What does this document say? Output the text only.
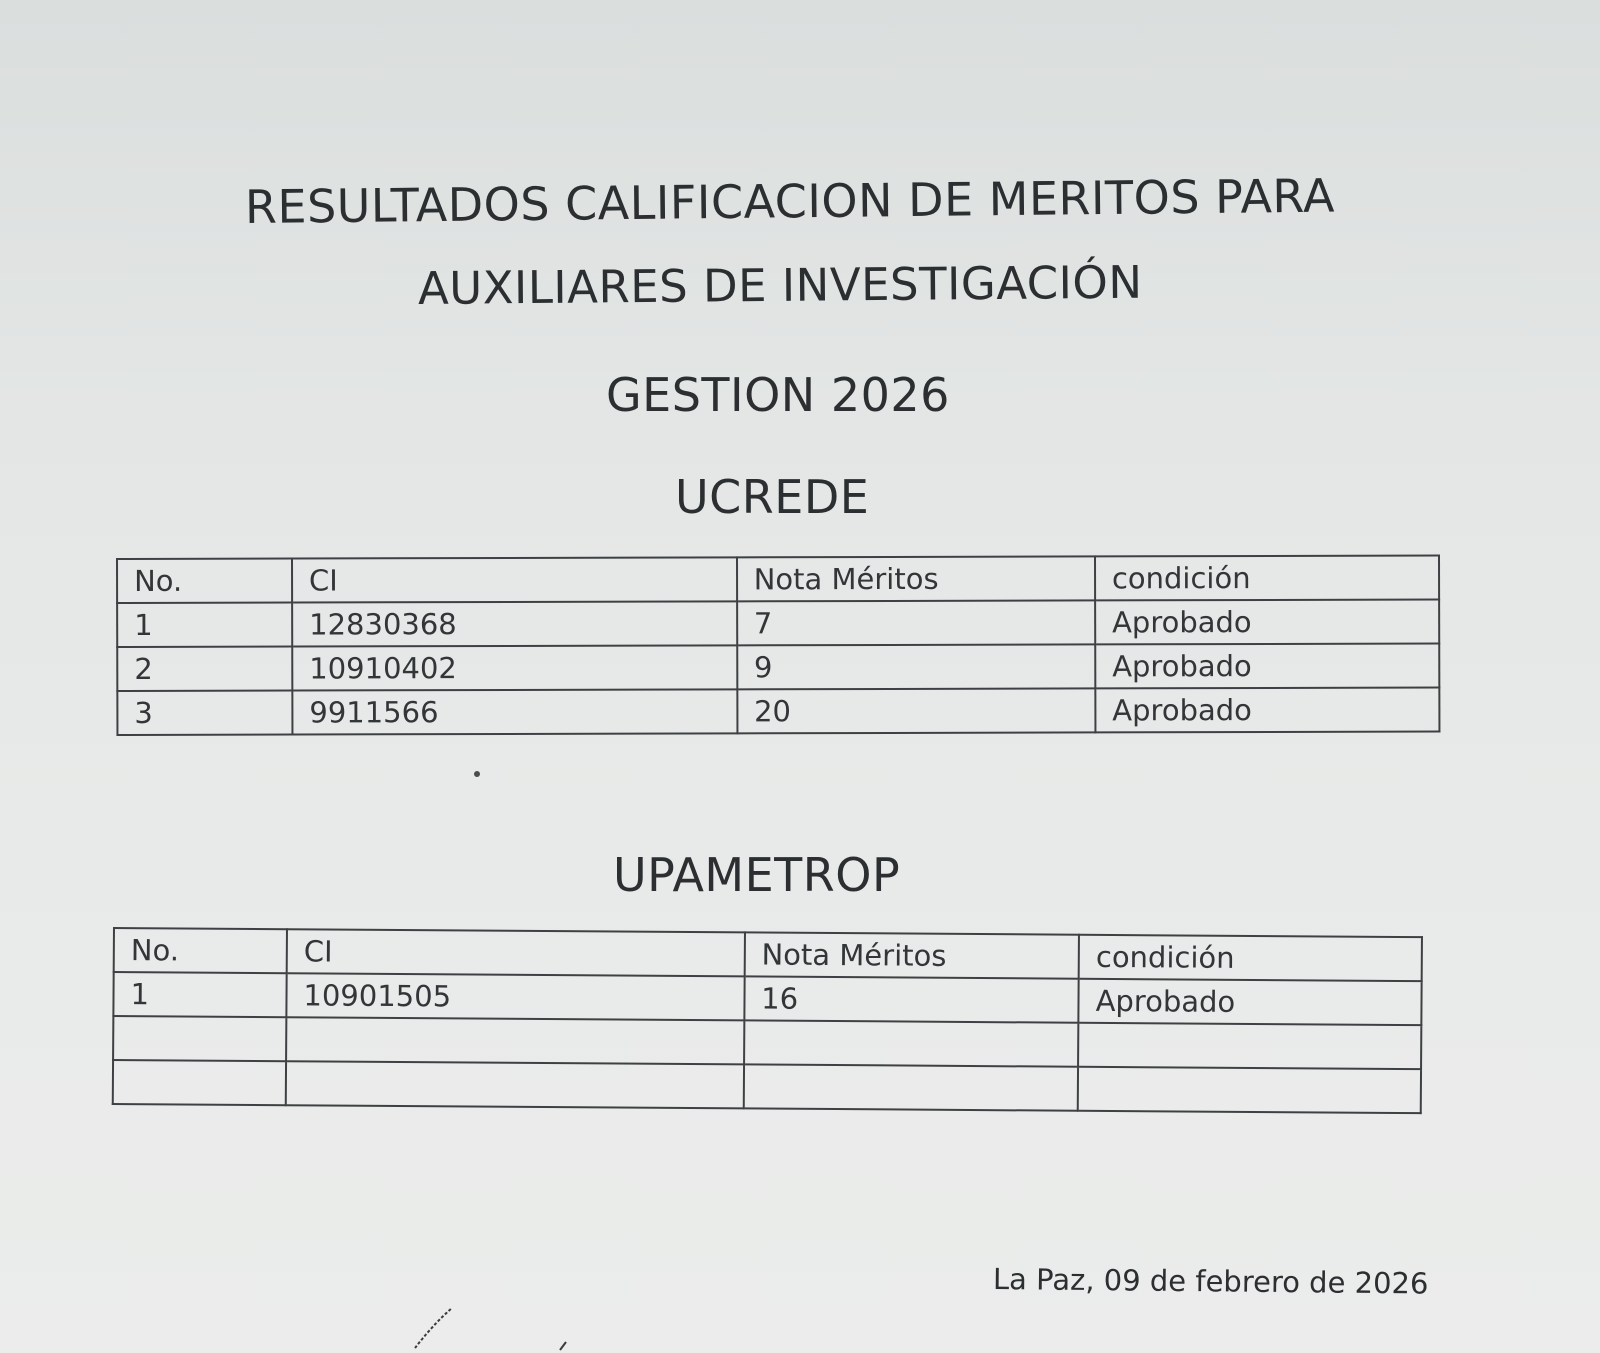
RESULTADOS CALIFICACION DE MERITOS PARA
AUXILIARES DE INVESTIGACIÓN
GESTION 2026
UCREDE
No.	CI	Nota Méritos	condición
1	12830368	7	Aprobado
2	10910402	9	Aprobado
3	9911566	20	Aprobado
UPAMETROP
No.	CI	Nota Méritos	condición
1	10901505	16	Aprobado

La Paz, 09 de febrero de 2026
